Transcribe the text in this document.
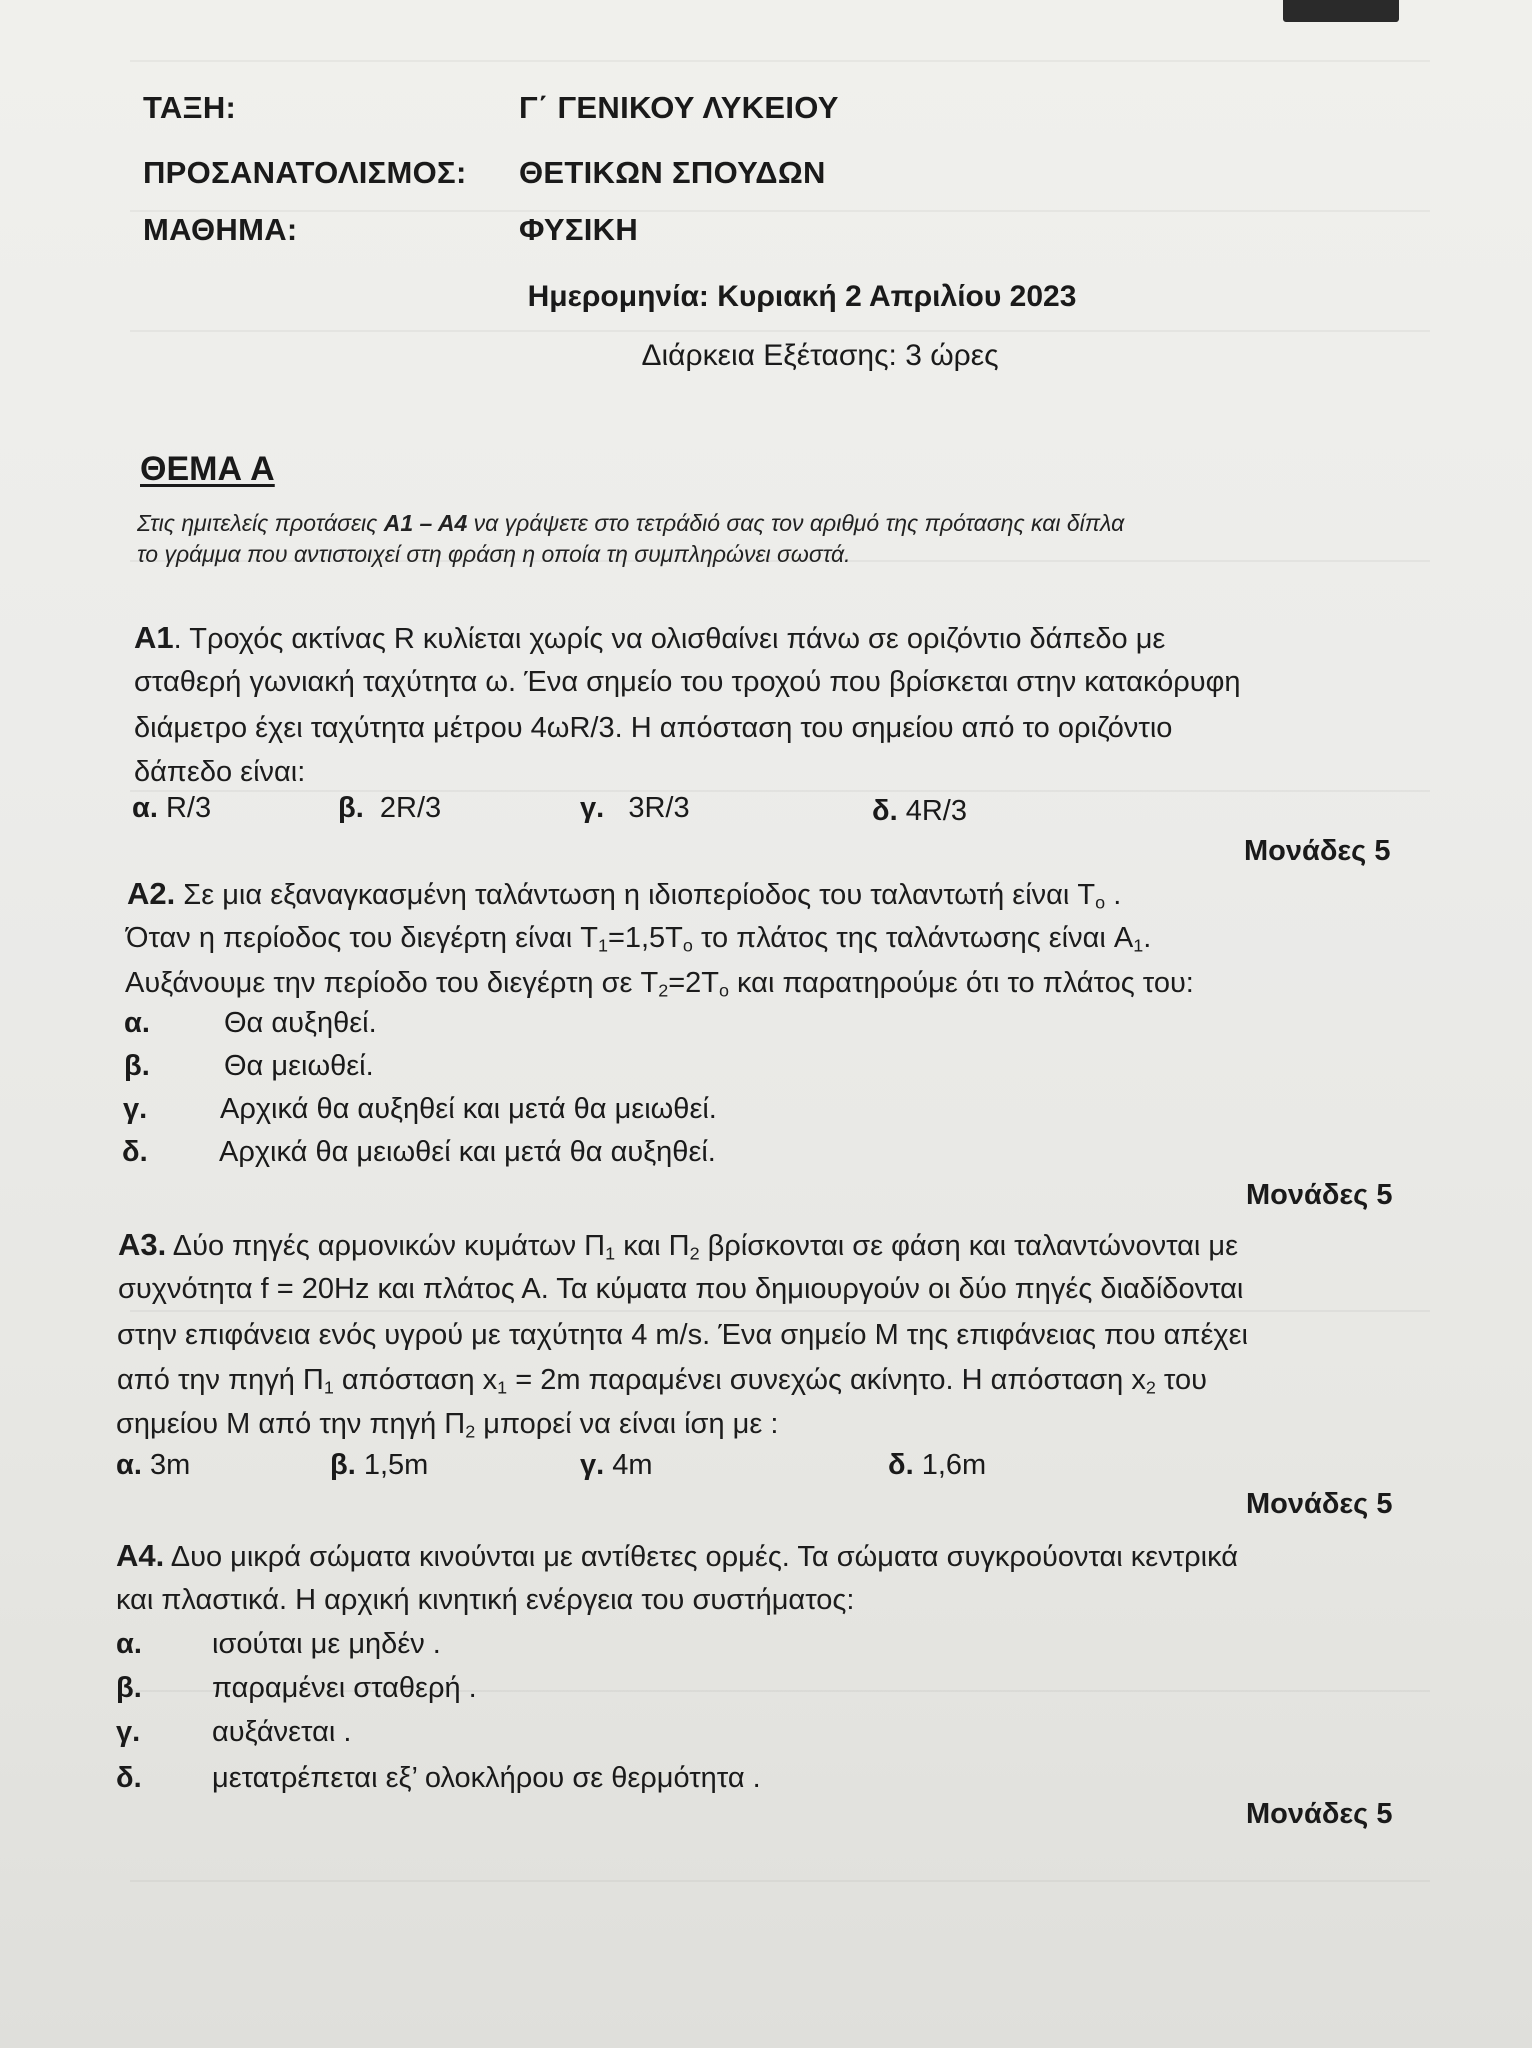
ΤΑΞΗ:	Γ΄ ΓΕΝΙΚΟΥ ΛΥΚΕΙΟΥ
ΠΡΟΣΑΝΑΤΟΛΙΣΜΟΣ: ΘΕΤΙΚΩΝ ΣΠΟΥΔΩΝ
ΜΑΘΗΜΑ:	ΦΥΣΙΚΗ
Ημερομηνία: Κυριακή 2 Απριλίου 2023
Διάρκεια Εξέτασης: 3 ώρες
ΘΕΜΑ Α
Στις ημιτελείς προτάσεις Α1 – Α4 να γράψετε στο τετράδιό σας τον αριθμό της πρότασης και δίπλα
το γράμμα που αντιστοιχεί στη φράση η οποία τη συμπληρώνει σωστά.
Α1. Τροχός ακτίνας R κυλίεται χωρίς να ολισθαίνει πάνω σε οριζόντιο δάπεδο με
σταθερή γωνιακή ταχύτητα ω. Ένα σημείο του τροχού που βρίσκεται στην κατακόρυφη
διάμετρο έχει ταχύτητα μέτρου 4ωR/3. Η απόσταση του σημείου από το οριζόντιο
δάπεδο είναι:
α. R/3	β. 2R/3	γ. 3R/3	δ. 4R/3
Μονάδες 5
Α2. Σε μια εξαναγκασμένη ταλάντωση η ιδιοπερίοδος του ταλαντωτή είναι $T_o$ .
Όταν η περίοδος του διεγέρτη είναι $T_1=1,5T_o$ το πλάτος της ταλάντωσης είναι $A_1$.
Αυξάνουμε την περίοδο του διεγέρτη σε $T_2=2T_o$ και παρατηρούμε ότι το πλάτος του:
α.	Θα αυξηθεί.
β.	Θα μειωθεί.
γ.	Αρχικά θα αυξηθεί και μετά θα μειωθεί.
δ. Αρχικά θα μειωθεί και μετά θα αυξηθεί.
Μονάδες 5
Α3. Δύο πηγές αρμονικών κυμάτων $\Pi_1$ και $\Pi_2$ βρίσκονται σε φάση και ταλαντώνονται με
συχνότητα f = 20Hz και πλάτος Α. Τα κύματα που δημιουργούν οι δύο πηγές διαδίδονται
στην επιφάνεια ενός υγρού με ταχύτητα 4 m/s. Ένα σημείο Μ της επιφάνειας που απέχει
από την πηγή $\Pi_1$ απόσταση $x_1 = 2m$ παραμένει συνεχώς ακίνητο. Η απόσταση $x_2$ του
σημείου Μ από την πηγή $\Pi_2$ μπορεί να είναι ίση με :
α. 3m	β. 1,5m	γ. 4m	δ. 1,6m
Μονάδες 5
Α4. Δυο μικρά σώματα κινούνται με αντίθετες ορμές. Τα σώματα συγκρούονται κεντρικά
και πλαστικά. Η αρχική κινητική ενέργεια του συστήματος:
α. ισούται με μηδέν .
β. παραμένει σταθερή .
γ. αυξάνεται .
δ. μετατρέπεται εξ’ ολοκλήρου σε θερμότητα .
Μονάδες 5
